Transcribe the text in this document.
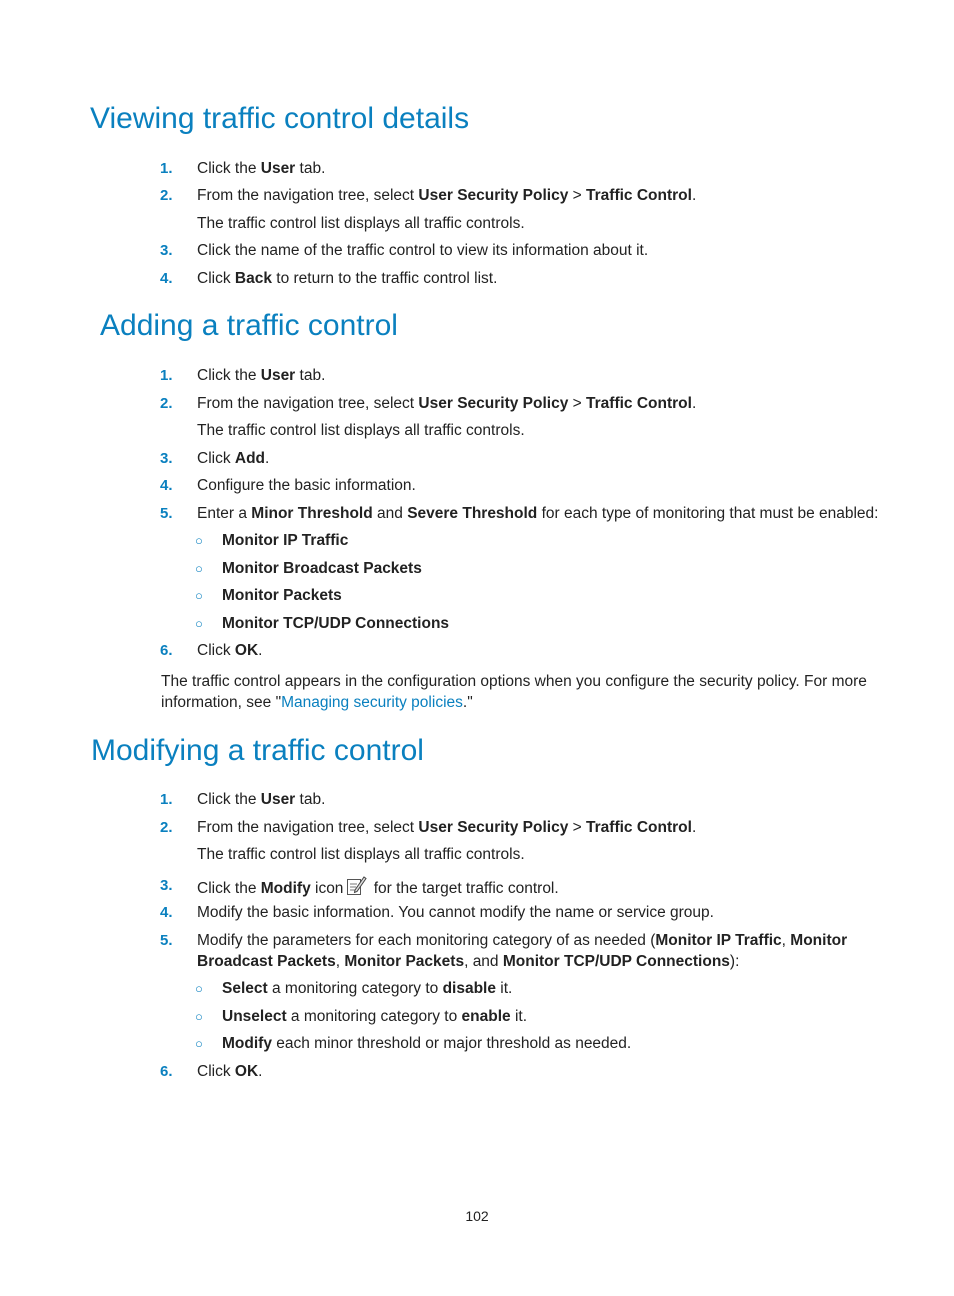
Viewing traffic control details
1. Click the User tab.
2. From the navigation tree, select User Security Policy > Traffic Control.
The traffic control list displays all traffic controls.
3. Click the name of the traffic control to view its information about it.
4. Click Back to return to the traffic control list.
Adding a traffic control
1. Click the User tab.
2. From the navigation tree, select User Security Policy > Traffic Control.
The traffic control list displays all traffic controls.
3. Click Add.
4. Configure the basic information.
5. Enter a Minor Threshold and Severe Threshold for each type of monitoring that must be enabled:
○ Monitor IP Traffic
○ Monitor Broadcast Packets
○ Monitor Packets
○ Monitor TCP/UDP Connections
6. Click OK.
The traffic control appears in the configuration options when you configure the security policy. For more information, see "Managing security policies."
Modifying a traffic control
1. Click the User tab.
2. From the navigation tree, select User Security Policy > Traffic Control.
The traffic control list displays all traffic controls.
3. Click the Modify icon for the target traffic control.
4. Modify the basic information. You cannot modify the name or service group.
5. Modify the parameters for each monitoring category of as needed (Monitor IP Traffic, Monitor
Broadcast Packets, Monitor Packets, and Monitor TCP/UDP Connections):
○ Select a monitoring category to disable it.
○ Unselect a monitoring category to enable it.
○ Modify each minor threshold or major threshold as needed.
6. Click OK.
102
